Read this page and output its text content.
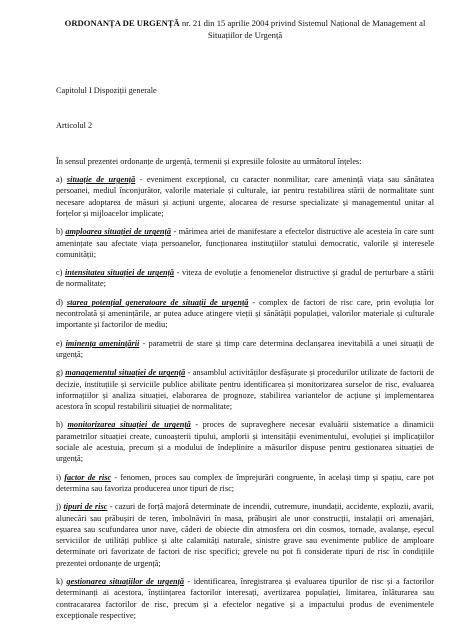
ORDONANȚA DE URGENȚĂ nr. 21 din 15 aprilie 2004 privind Sistemul Național de Management al Situațiilor de Urgență
Capitolul I Dispoziții generale
Articolul 2
În sensul prezentei ordonanțe de urgență, termenii și expresiile folosite au următorul înțeles:
a) situație de urgență - eveniment excepțional, cu caracter nonmilitar, care amenință viața sau sănătatea persoanei, mediul înconjurător, valorile materiale și culturale, iar pentru restabilirea stării de normalitate sunt necesare adoptarea de măsuri și acțiuni urgente, alocarea de resurse specializate și managementul unitar al forțelor și mijloacelor implicate;
b) amploarea situației de urgență - mărimea ariei de manifestare a efectelor distructive ale acesteia în care sunt amenințate sau afectate viața persoanelor, funcționarea instituțiilor statului democratic, valorile și interesele comunității;
c) intensitatea situației de urgență - viteza de evoluție a fenomenelor distructive și gradul de perturbare a stării de normalitate;
d) starea potențial generatoare de situații de urgență - complex de factori de risc care, prin evoluția lor necontrolată și amenințările, ar putea aduce atingere vieții și sănătății populației, valorilor materiale și culturale importante și factorilor de mediu;
e) iminența amenințării - parametrii de stare și timp care determina declanșarea inevitabilă a unei situații de urgență;
g) managementul situației de urgență - ansamblul activităților desfășurate și procedurilor utilizate de factorii de decizie, instituțiile și serviciile publice abilitate pentru identificarea și monitorizarea surselor de risc, evaluarea informațiilor și analiza situației, elaborarea de prognoze, stabilirea variantelor de acțiune și implementarea acestora în scopul restabilirii situației de normalitate;
h) monitorizarea situației de urgență - proces de supraveghere necesar evaluării sistematice a dinamicii parametrilor situației create, cunoașterii tipului, amplorii și intensității evenimentului, evoluției și implicațiilor sociale ale acestuia, precum și a modului de îndeplinire a măsurilor dispuse pentru gestionarea situației de urgență;
i) factor de risc - fenomen, proces sau complex de împrejurări congruente, în același timp și spațiu, care pot determina sau favoriza producerea unor tipuri de risc;
j) tipuri de risc - cazuri de forță majoră determinate de incendii, cutremure, inundații, accidente, explozii, avarii, alunecări sau prăbușiri de teren, îmbolnăviri în masa, prăbușiri ale unor construcții, instalații ori amenajări, eșuarea sau scufundarea unor nave, căderi de obiecte din atmosfera ori din cosmos, tornade, avalanșe, eșecul serviciilor de utilități publice și alte calamități naturale, sinistre grave sau evenimente publice de amploare determinate ori favorizate de factori de risc specifici; grevele nu pot fi considerate tipuri de risc în condițiile prezentei ordonanțe de urgență;
k) gestionarea situațiilor de urgență - identificarea, înregistrarea și evaluarea tipurilor de risc și a factorilor determinanți ai acestora, înștiințarea factorilor interesați, avertizarea populației, limitarea, înlăturarea sau contracararea factorilor de risc, precum și a efectelor negative și a impactului produs de evenimentele excepționale respective;
